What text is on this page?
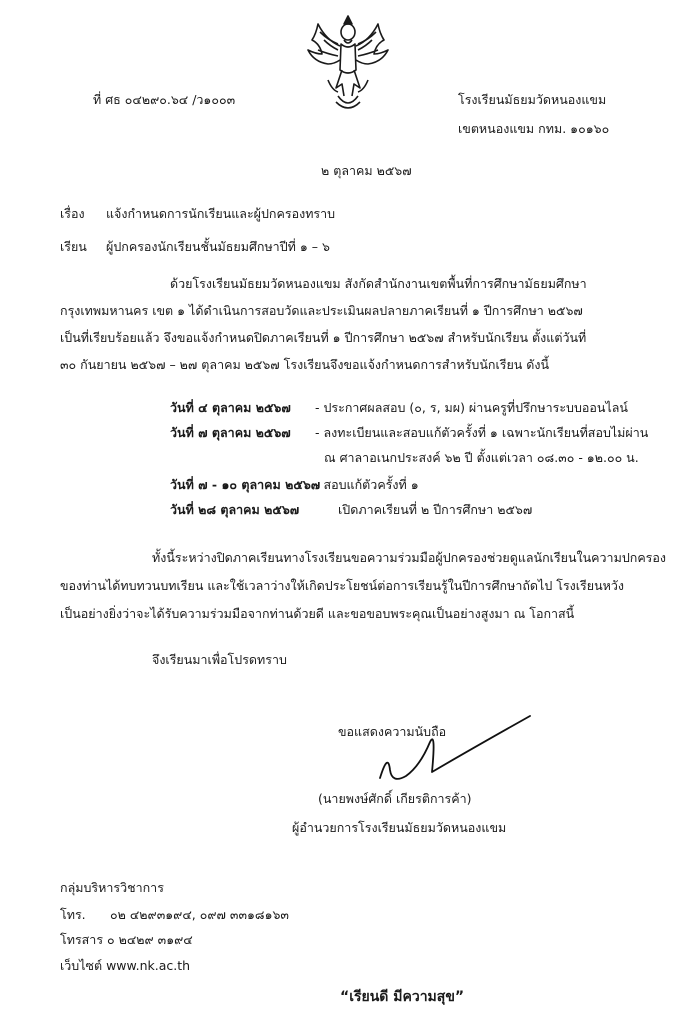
ที่ ศธ ๐๔๒๙๐.๖๔ /ว๑๐๐๓	โรงเรียนมัธยมวัดหนองแขม
เขตหนองแขม กทม. ๑๐๑๖๐
๒ ตุลาคม ๒๕๖๗
เรื่อง แจ้งกำหนดการนักเรียนและผู้ปกครองทราบ
เรียน ผู้ปกครองนักเรียนชั้นมัธยมศึกษาปีที่ ๑ – ๖
ด้วยโรงเรียนมัธยมวัดหนองแขม สังกัดสำนักงานเขตพื้นที่การศึกษามัธยมศึกษา
กรุงเทพมหานคร เขต ๑ ได้ดำเนินการสอบวัดและประเมินผลปลายภาคเรียนที่ ๑ ปีการศึกษา ๒๕๖๗
เป็นที่เรียบร้อยแล้ว จึงขอแจ้งกำหนดปิดภาคเรียนที่ ๑ ปีการศึกษา ๒๕๖๗ สำหรับนักเรียน ตั้งแต่วันที่
๓๐ กันยายน ๒๕๖๗ – ๒๗ ตุลาคม ๒๕๖๗ โรงเรียนจึงขอแจ้งกำหนดการสำหรับนักเรียน ดังนี้
วันที่ ๔ ตุลาคม ๒๕๖๗ - ประกาศผลสอบ (๐, ร, มผ) ผ่านครูที่ปรึกษาระบบออนไลน์
วันที่ ๗ ตุลาคม ๒๕๖๗ - ลงทะเบียนและสอบแก้ตัวครั้งที่ ๑ เฉพาะนักเรียนที่สอบไม่ผ่าน
ณ ศาลาอเนกประสงค์ ๖๒ ปี ตั้งแต่เวลา ๐๘.๓๐ - ๑๒.๐๐ น.
วันที่ ๗ - ๑๐ ตุลาคม ๒๕๖๗
- สอบแก้ตัวครั้งที่ ๑
วันที่ ๒๘ ตุลาคม ๒๕๖๗	เปิดภาคเรียนที่ ๒ ปีการศึกษา ๒๕๖๗
ทั้งนี้ระหว่างปิดภาคเรียนทางโรงเรียนขอความร่วมมือผู้ปกครองช่วยดูแลนักเรียนในความปกครอง
ของท่านได้ทบทวนบทเรียน และใช้เวลาว่างให้เกิดประโยชน์ต่อการเรียนรู้ในปีการศึกษาถัดไป โรงเรียนหวัง
เป็นอย่างยิ่งว่าจะได้รับความร่วมมือจากท่านด้วยดี และขอขอบพระคุณเป็นอย่างสูงมา ณ โอกาสนี้
จึงเรียนมาเพื่อโปรดทราบ
ขอแสดงความนับถือ
(นายพงษ์ศักดิ์ เกียรติการค้า)
ผู้อำนวยการโรงเรียนมัธยมวัดหนองแขม
กลุ่มบริหารวิชาการ
โทร. ๐๒ ๔๒๙๓๑๙๔, ๐๙๗ ๓๓๑๘๑๖๓
โทรสาร ๐ ๒๔๒๙ ๓๑๙๔
เว็บไซต์ www.nk.ac.th
“เรียนดี มีความสุข”
